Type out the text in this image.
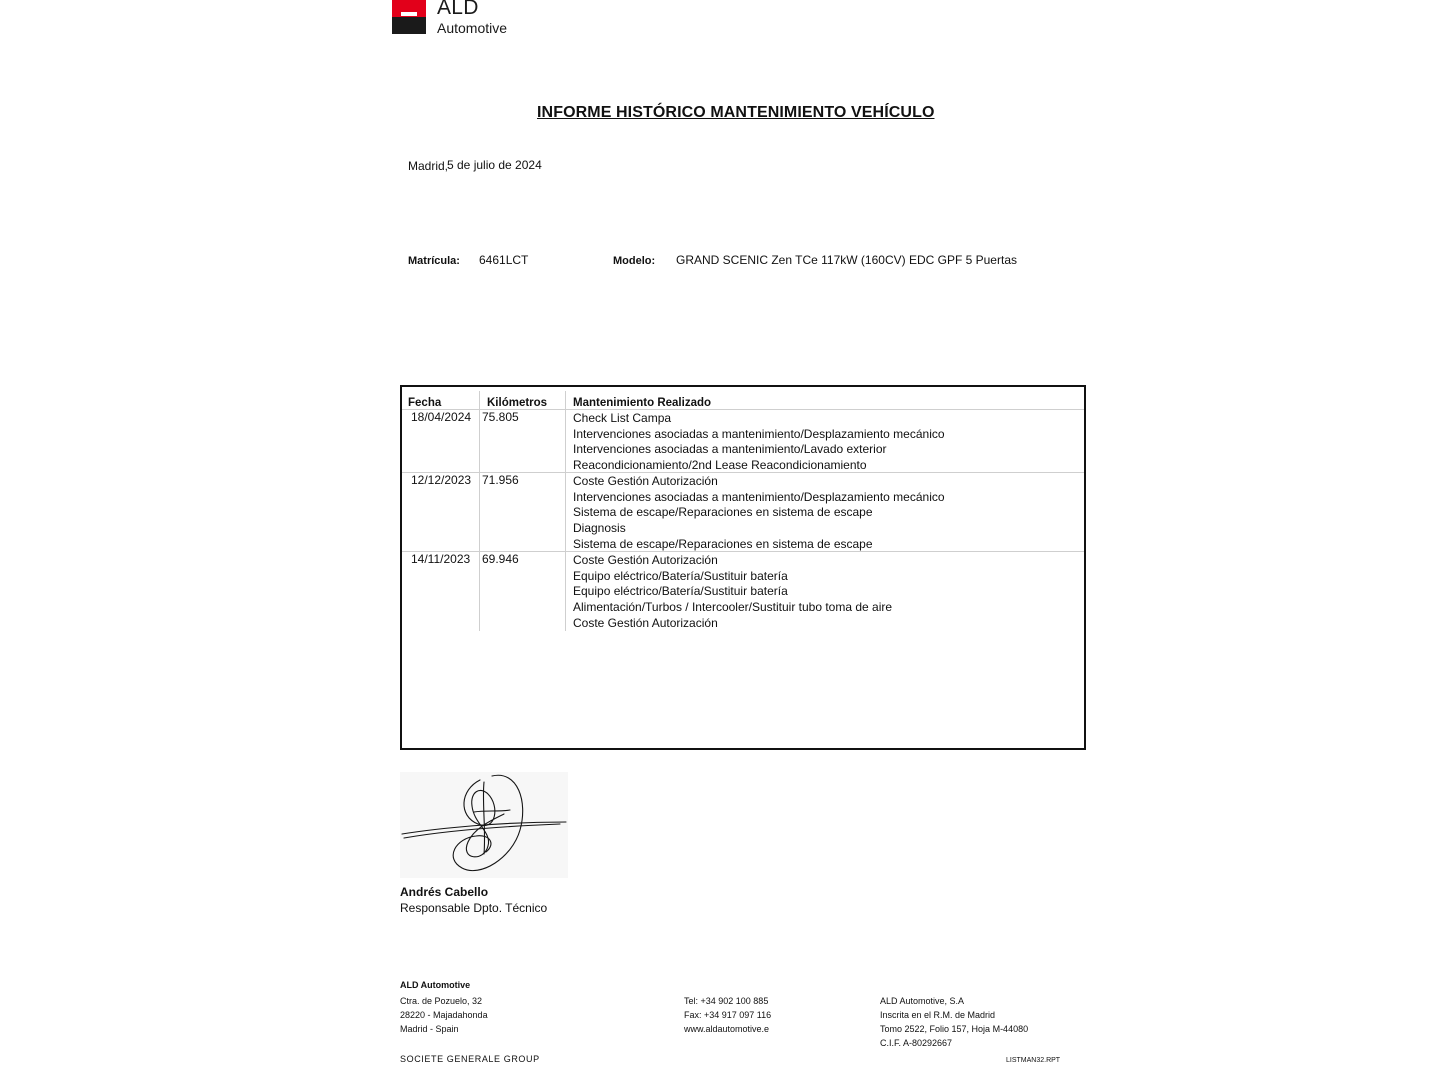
ALD
Automotive
INFORME HISTÓRICO MANTENIMIENTO VEHÍCULO
Madrid,
5 de julio de 2024
Matrícula: 6461LCT	Modelo: GRAND SCENIC Zen TCe 117kW (160CV) EDC GPF 5 Puertas
Fecha	Kilómetros Mantenimiento Realizado
18/04/2024 75.805	Check List Campa
Intervenciones asociadas a mantenimiento/Desplazamiento mecánico
Intervenciones asociadas a mantenimiento/Lavado exterior
Reacondicionamiento/2nd Lease Reacondicionamiento
12/12/2023 71.956	Coste Gestión Autorización
Intervenciones asociadas a mantenimiento/Desplazamiento mecánico
Sistema de escape/Reparaciones en sistema de escape
Diagnosis
Sistema de escape/Reparaciones en sistema de escape
14/11/2023 69.946	Coste Gestión Autorización
Equipo eléctrico/Batería/Sustituir batería
Equipo eléctrico/Batería/Sustituir batería
Alimentación/Turbos / Intercooler/Sustituir tubo toma de aire
Coste Gestión Autorización
Andrés Cabello
Responsable Dpto. Técnico
ALD Automotive
Ctra. de Pozuelo, 32
28220 - Majadahonda
Madrid - Spain
Tel: +34 902 100 885
Fax: +34 917 097 116
www.aldautomotive.e
ALD Automotive, S.A
Inscrita en el R.M. de Madrid
Tomo 2522, Folio 157, Hoja M-44080
C.I.F. A-80292667
SOCIETE GENERALE GROUP	LISTMAN32.RPT
